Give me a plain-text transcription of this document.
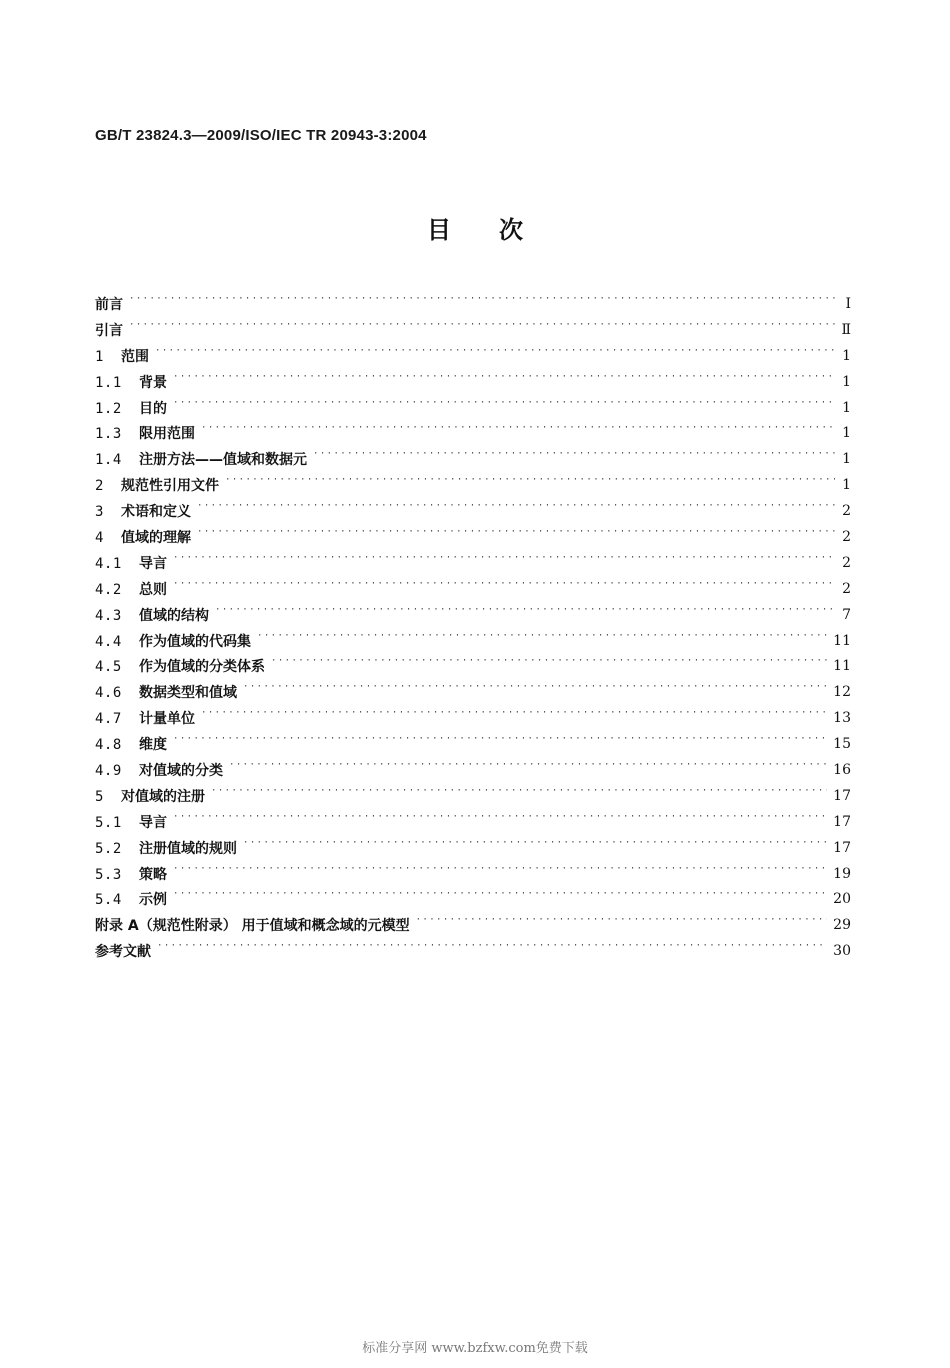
GB/T 23824.3—2009/ISO/IEC TR 20943-3:2004
目次
前言 ·····	Ⅰ
引言 ·····	Ⅱ
1 范围 ·····	1
1.1 背景 ·····	1
1.2 目的 ·····	1
1.3 限用范围 ·····	1
1.4 注册方法——值域和数据元 ·····	1
2 规范性引用文件 ·····	1
3 术语和定义 ·····	2
4 值域的理解 ·····	2
4.1 导言 ·····	2
4.2 总则 ·····	2
4.3 值域的结构 ·····	7
4.4 作为值域的代码集 ·····	11
4.5 作为值域的分类体系 ·····	11
4.6 数据类型和值域 ·····	12
4.7 计量单位 ·····	13
4.8 维度 ·····	15
4.9 对值域的分类 ·····	16
5 对值域的注册 ·····	17
5.1 导言 ·····	17
5.2 注册值域的规则 ·····	17
5.3 策略 ·····	19
5.4 示例 ·····	20
附录 A（规范性附录） 用于值域和概念域的元模型 ·····	29
参考文献 ·····	30
标准分享网 www.bzfxw.com免费下载
